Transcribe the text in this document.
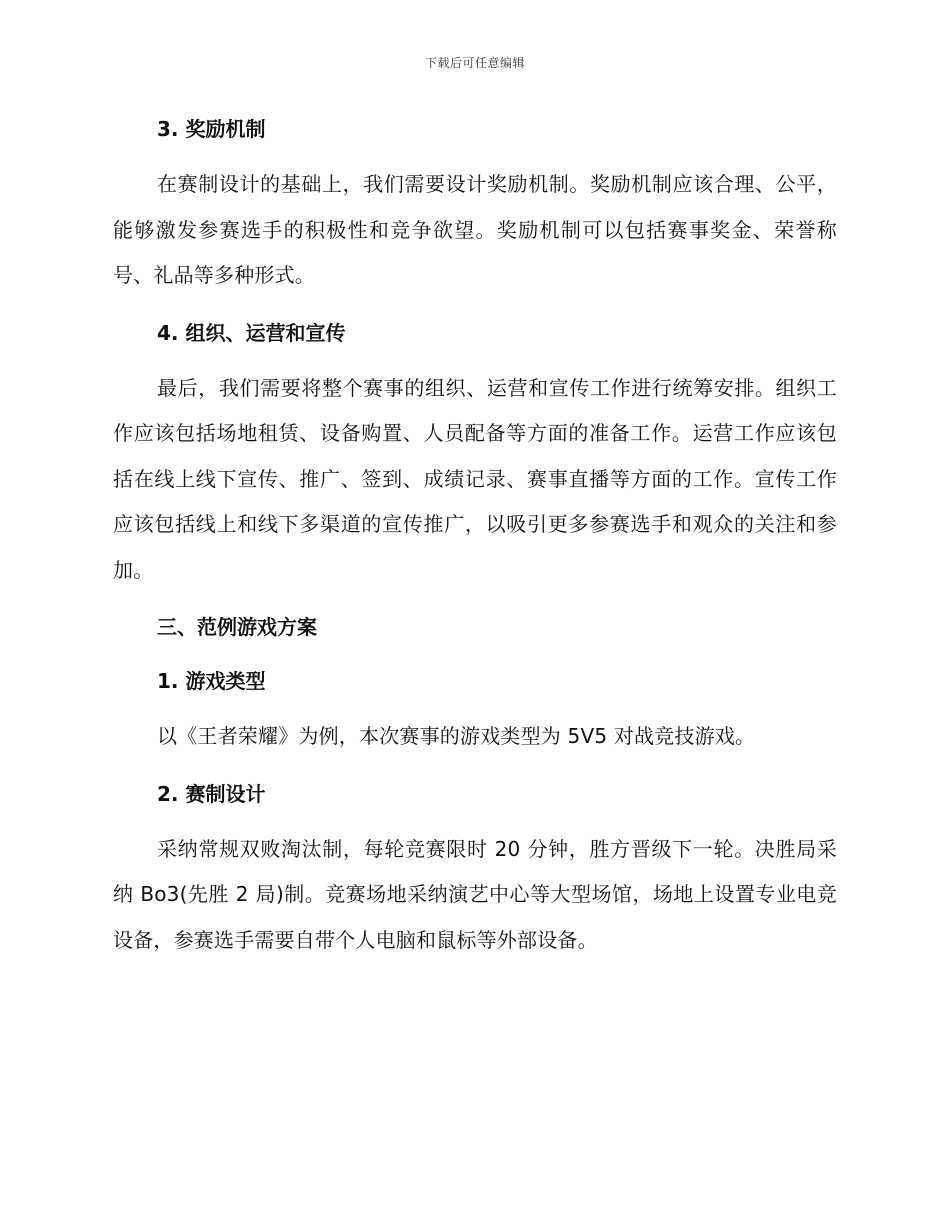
下载后可任意编辑

3. 奖励机制

在赛制设计的基础上，我们需要设计奖励机制。奖励机制应该合理、公平，能够激发参赛选手的积极性和竞争欲望。奖励机制可以包括赛事奖金、荣誉称号、礼品等多种形式。

4. 组织、运营和宣传

最后，我们需要将整个赛事的组织、运营和宣传工作进行统筹安排。组织工作应该包括场地租赁、设备购置、人员配备等方面的准备工作。运营工作应该包括在线上线下宣传、推广、签到、成绩记录、赛事直播等方面的工作。宣传工作应该包括线上和线下多渠道的宣传推广，以吸引更多参赛选手和观众的关注和参加。

三、范例游戏方案

1. 游戏类型

以《王者荣耀》为例，本次赛事的游戏类型为 5V5 对战竞技游戏。

2. 赛制设计

采纳常规双败淘汰制，每轮竞赛限时 20 分钟，胜方晋级下一轮。决胜局采纳 Bo3(先胜 2 局)制。竞赛场地采纳演艺中心等大型场馆，场地上设置专业电竞设备，参赛选手需要自带个人电脑和鼠标等外部设备。
